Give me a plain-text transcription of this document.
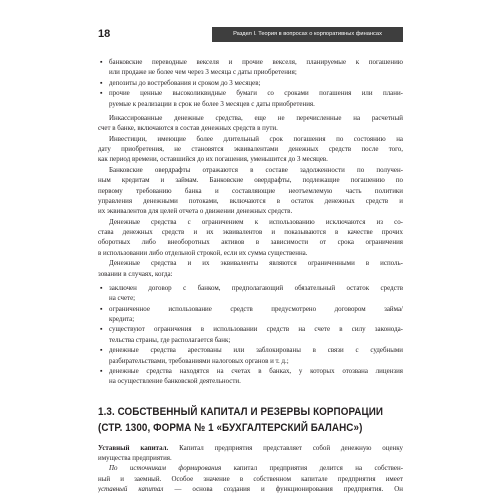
18	Раздел I. Теория в вопросах о корпоративных финансах
▪ банковские переводные векселя и прочие векселя, планируемые к погашению
или продаже не более чем через 3 месяца с даты приобретения;
▪ депозиты до востребования и сроком до 3 месяцев;
▪ прочие ценные высоколиквидные бумаги со сроками погашения или плани-
руемые к реализации в срок не более 3 месяцев с даты приобретения.
Инкассированные денежные средства, еще не перечисленные на расчетный
счет в банке, включаются в состав денежных средств в пути.
Инвестиции, имеющие более длительный срок погашения по состоянию на
дату приобретения, не становятся эквивалентами денежных средств после того,
как период времени, оставшийся до их погашения, уменьшится до 3 месяцев.
Банковские овердрафты отражаются в составе задолженности по получен-
ным кредитам и займам. Банковские овердрафты, подлежащие погашению по
первому требованию банка и составляющие неотъемлемую часть политики
управления денежными потоками, включаются в остаток денежных средств и
их эквивалентов для целей отчета о движении денежных средств.
Денежные средства с ограничением к использованию исключаются из со-
става денежных средств и их эквивалентов и показываются в качестве прочих
оборотных либо внеоборотных активов в зависимости от срока ограничения
в использовании либо отдельной строкой, если их сумма существенна.
Денежные средства и их эквиваленты являются ограниченными в исполь-
зовании в случаях, когда:
▪ заключен договор с банком, предполагающий обязательный остаток средств
на счете;
▪ ограниченное использование средств предусмотрено договором займа/
кредита;
▪ существуют ограничения в использовании средств на счете в силу законода-
тельства страны, где располагается банк;
▪ денежные средства арестованы или заблокированы в связи с судебными
разбирательствами, требованиями налоговых органов и т. д.;
▪ денежные средства находятся на счетах в банках, у которых отозвана лицензия
на осуществление банковской деятельности.
1.3. СОБСТВЕННЫЙ КАПИТАЛ И РЕЗЕРВЫ КОРПОРАЦИИ
(СТР. 1300, ФОРМА № 1 «БУХГАЛТЕРСКИЙ БАЛАНС»)
Уставный капитал. Капитал предприятия представляет собой денежную оценку
имущества предприятия.
По источникам формирования капитал предприятия делится на собствен-
ный и заемный. Особое значение в собственном капитале предприятия имеет
уставный капитал — основа создания и функционирования предприятия. Он
